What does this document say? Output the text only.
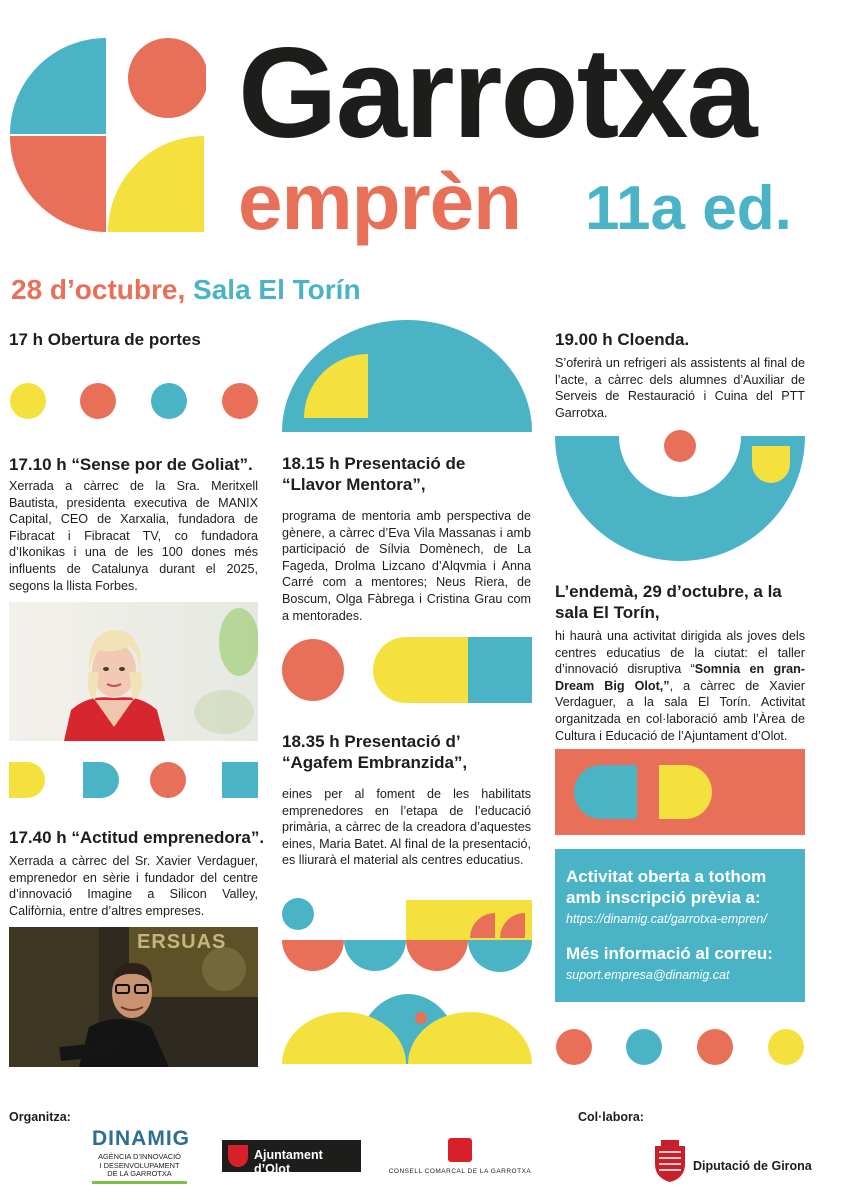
Garrotxa
emprèn 11a ed.
28 d’octubre, Sala El Torín
17 h Obertura de portes
17.10 h “Sense por de Goliat”.
Xerrada a càrrec de la Sra. Meritxell Bautista, presidenta executiva de MANIX Capital, CEO de Xarxalia, fundadora de Fibracat i Fibracat TV, co fundadora d’Ikonikas i una de les 100 dones més influents de Catalunya durant el 2025, segons la llista Forbes.
17.40 h “Actitud emprenedora”.
Xerrada a càrrec del Sr. Xavier Verdaguer, emprenedor en sèrie i fundador del centre d’innovació Imagine a Silicon Valley, Califòrnia, entre d’altres empreses.
ERSUAS
18.15 h Presentació de “Llavor Mentora”,
programa de mentoria amb perspectiva de gènere, a càrrec d’Eva Vila Massanas i amb participació de Sílvia Domènech, de La Fageda, Drolma Lizcano d’Alqvmia i Anna Carré com a mentores; Neus Riera, de Boscum, Olga Fàbrega i Cristina Grau com a mentorades.
18.35 h Presentació d’ “Agafem Embranzida”,
eines per al foment de les habilitats emprenedores en l’etapa de l’educació primària, a càrrec de la creadora d’aquestes eines, Maria Batet. Al final de la presentació, es lliurarà el material als centres educatius.
19.00 h Cloenda.
S’oferirà un refrigeri als assistents al final de l’acte, a càrrec dels alumnes d’Auxiliar de Serveis de Restauració i Cuina del PTT Garrotxa.
L’endemà, 29 d’octubre, a la sala El Torín,
hi haurà una activitat dirigida als joves dels centres educatius de la ciutat: el taller d’innovació disruptiva “Somnia en gran- Dream Big Olot,”, a càrrec de Xavier Verdaguer, a la sala El Torín. Activitat organitzada en col·laboració amb l’Àrea de Cultura i Educació de l’Ajuntament d’Olot.
Activitat oberta a tothom amb inscripció prèvia a:
https://dinamig.cat/garrotxa-empren/
Més informació al correu:
suport.empresa@dinamig.cat
Organitza:	Col·labora:
DINAMIG
AGÈNCIA D’INNOVACIÓ
I DESENVOLUPAMENT
DE LA GARROTXA
Ajuntament d’Olot	CONSELL COMARCAL DE LA GARROTXA	Diputació de Girona
